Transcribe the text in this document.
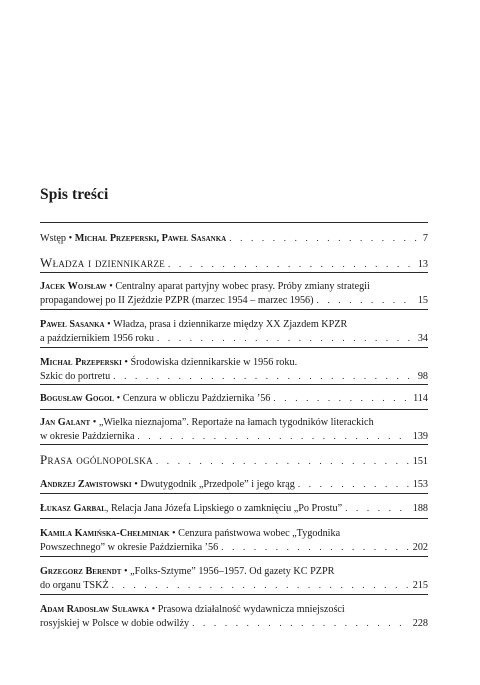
Spis treści
Wstęp • Michał Przeperski, Paweł Sasanka . . .	7
Władza i dziennikarze . . .	13
Jacek Wojsław • Centralny aparat partyjny wobec prasy. Próby zmiany strategii
propagandowej po II Zjeździe PZPR (marzec 1954 – marzec 1956) . . .	15
Paweł Sasanka • Władza, prasa i dziennikarze między XX Zjazdem KPZR
a październikiem 1956 roku . . .	34
Michał Przeperski • Środowiska dziennikarskie w 1956 roku.
Szkic do portretu . . .	98
Bogusław Gogol • Cenzura w obliczu Października ’56 . . .	114
Jan Galant • „Wielka nieznajoma”. Reportaże na łamach tygodników literackich
w okresie Października . . .	139
Prasa ogólnopolska . . .	151
Andrzej Zawistowski • Dwutygodnik „Przedpole” i jego krąg . . .	153
Łukasz Garbal, Relacja Jana Józefa Lipskiego o zamknięciu „Po Prostu” . . .	188
Kamila Kamińska-Chełminiak • Cenzura państwowa wobec „Tygodnika
Powszechnego” w okresie Października ’56 . . .	202
Grzegorz Berendt • „Folks-Sztyme” 1956–1957. Od gazety KC PZPR
do organu TSKŻ . . .	215
Adam Radosław Suławka • Prasowa działalność wydawnicza mniejszości
rosyjskiej w Polsce w dobie odwilży . . .	228
